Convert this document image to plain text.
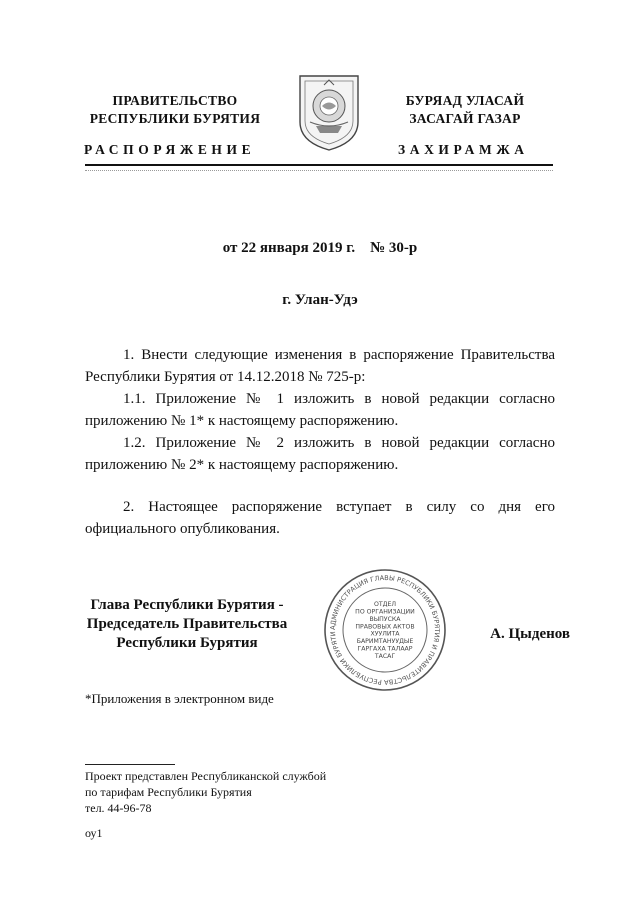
ПРАВИТЕЛЬСТВО
РЕСПУБЛИКИ БУРЯТИЯ
БУРЯАД УЛАСАЙ
ЗАСАГАЙ ГАЗАР
РАСПОРЯЖЕНИЕ	ЗАХИРАМЖА
от 22 января 2019 г.    № 30-р
г. Улан-Удэ

1. Внести следующие изменения в распоряжение Правительства Республики Бурятия от 14.12.2018 № 725-р:

1.1. Приложение № 1 изложить в новой редакции согласно приложению № 1* к настоящему распоряжению.

1.2. Приложение № 2 изложить в новой редакции согласно приложению № 2* к настоящему распоряжению.

2. Настоящее распоряжение вступает в силу со дня его официального опубликования.

Глава Республики Бурятия -
Председатель Правительства
Республики Бурятия
АДМИНИСТРАЦИЯ ГЛАВЫ РЕСПУБЛИКИ БУРЯТИЯ И ПРАВИТЕЛЬСТВА РЕСПУБЛИКИ БУРЯТИ
ОТДЕЛ
ПО ОРГАНИЗАЦИИ
ВЫПУСКА
ПРАВОВЫХ АКТОВ
ХУУЛИТА
БАРИМТАНУУДЫЕ
ГАРГАХА ТАЛААР
ТАСАГ
А. Цыденов
*Приложения в электронном виде
Проект представлен Республиканской службой
по тарифам Республики Бурятия
тел. 44-96-78
оу1
